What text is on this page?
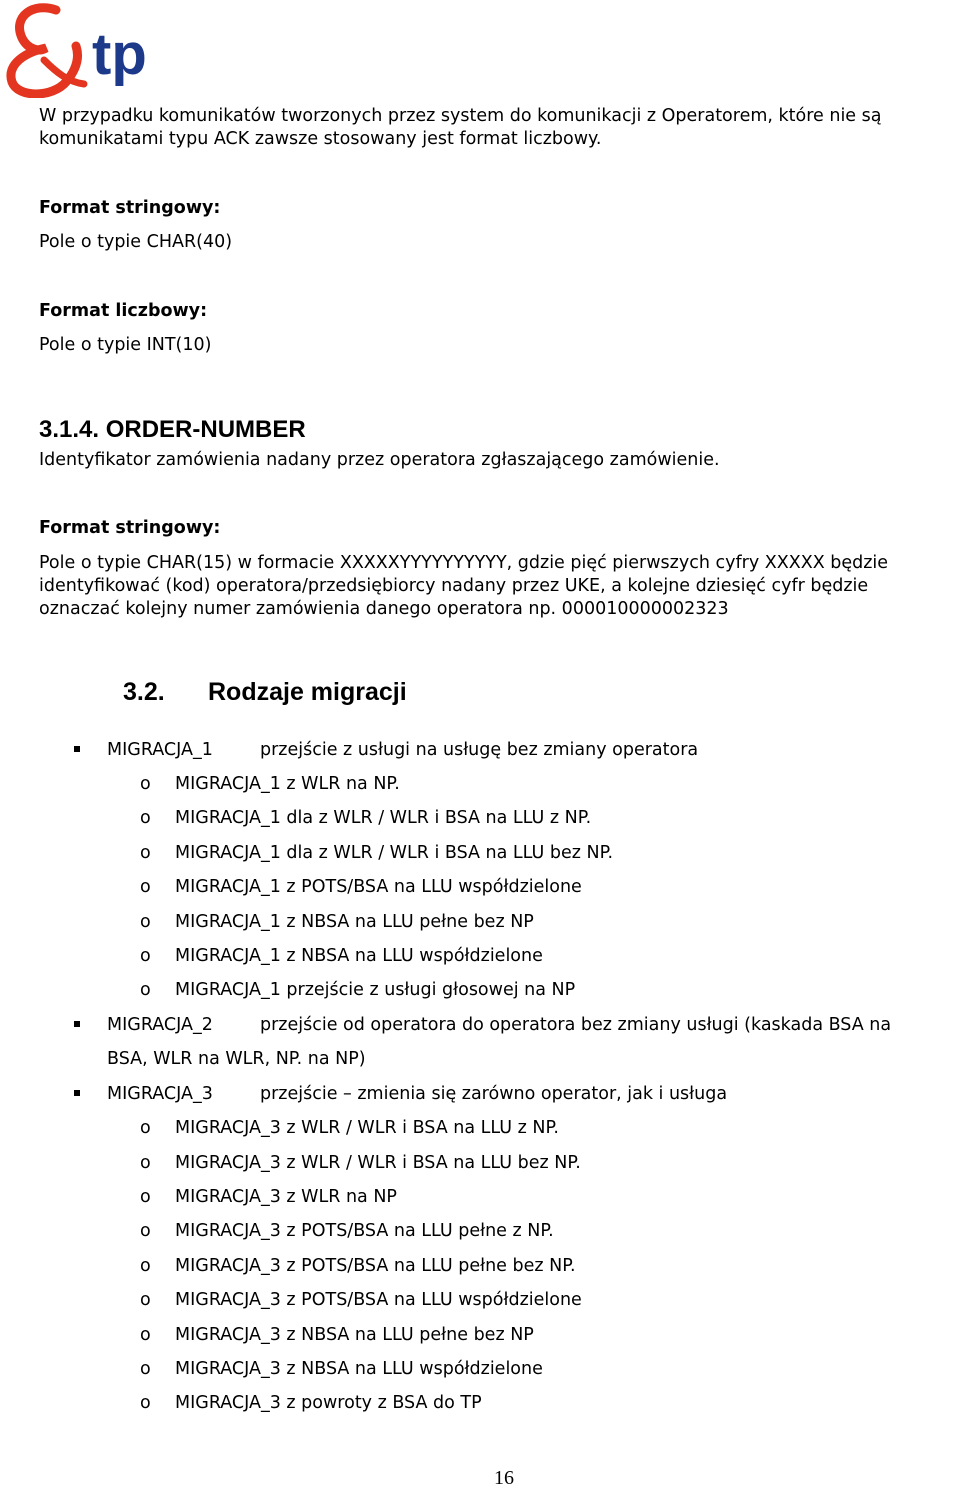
tp

W przypadku komunikatów tworzonych przez system do komunikacji z Operatorem, które nie są

komunikatami typu ACK zawsze stosowany jest format liczbowy.

Format stringowy:

Pole o typie CHAR(40)

Format liczbowy:

Pole o typie INT(10)

3.1.4. ORDER-NUMBER

Identyfikator zamówienia nadany przez operatora zgłaszającego zamówienie.

Format stringowy:

Pole o typie CHAR(15) w formacie XXXXXYYYYYYYYYY, gdzie pięć pierwszych cyfry XXXXX będzie

identyfikować (kod) operatora/przedsiębiorcy nadany przez UKE, a kolejne dziesięć cyfr będzie

oznaczać kolejny numer zamówienia danego operatora np. 000010000002323

3.2. Rodzaje migracji
MIGRACJA_1	przejście z usługi na usługę bez zmiany operatora
o MIGRACJA_1 z WLR na NP.
o MIGRACJA_1 dla z WLR / WLR i BSA na LLU z NP.
o MIGRACJA_1 dla z WLR / WLR i BSA na LLU bez NP.
o MIGRACJA_1 z POTS/BSA na LLU współdzielone
o MIGRACJA_1 z NBSA na LLU pełne bez NP
o MIGRACJA_1 z NBSA na LLU współdzielone
o MIGRACJA_1 przejście z usługi głosowej na NP
MIGRACJA_2	przejście od operatora do operatora bez zmiany usługi (kaskada BSA na
BSA, WLR na WLR, NP. na NP)
MIGRACJA_3	przejście – zmienia się zarówno operator, jak i usługa
o MIGRACJA_3 z WLR / WLR i BSA na LLU z NP.
o MIGRACJA_3 z WLR / WLR i BSA na LLU bez NP.
o MIGRACJA_3 z WLR na NP
o MIGRACJA_3 z POTS/BSA na LLU pełne z NP.
o MIGRACJA_3 z POTS/BSA na LLU pełne bez NP.
o MIGRACJA_3 z POTS/BSA na LLU współdzielone
o MIGRACJA_3 z NBSA na LLU pełne bez NP
o MIGRACJA_3 z NBSA na LLU współdzielone
o MIGRACJA_3 z powroty z BSA do TP
16
